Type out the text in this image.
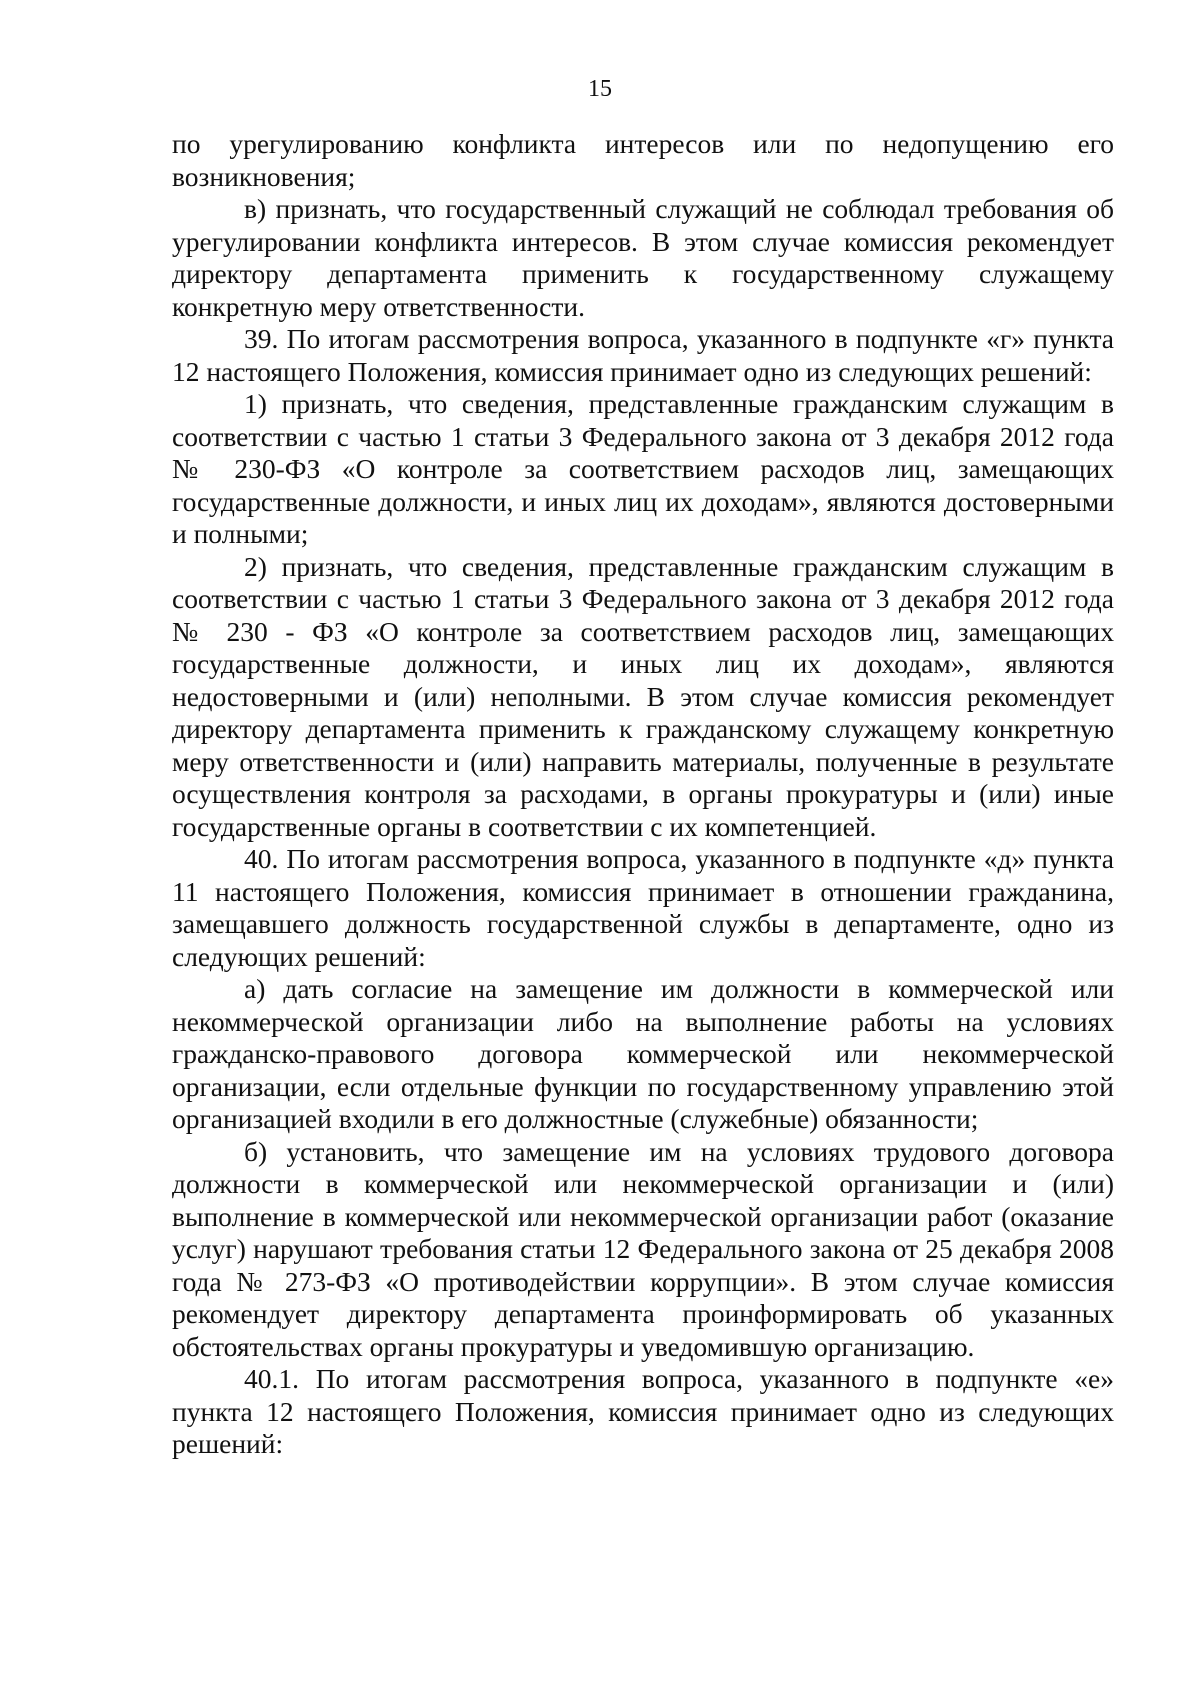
15

по урегулированию конфликта интересов или по недопущению его возникновения;

в) признать, что государственный служащий не соблюдал требования об урегулировании конфликта интересов. В этом случае комиссия рекомендует директору департамента применить к государственному служащему конкретную меру ответственности.

39. По итогам рассмотрения вопроса, указанного в подпункте «г» пункта 12 настоящего Положения, комиссия принимает одно из следующих решений:

1) признать, что сведения, представленные гражданским служащим в соответствии с частью 1 статьи 3 Федерального закона от 3 декабря 2012 года № 230-ФЗ «О контроле за соответствием расходов лиц, замещающих государственные должности, и иных лиц их доходам», являются достоверными и полными;

2) признать, что сведения, представленные гражданским служащим в соответствии с частью 1 статьи 3 Федерального закона от 3 декабря 2012 года № 230 - ФЗ «О контроле за соответствием расходов лиц, замещающих государственные должности, и иных лиц их доходам», являются недостоверными и (или) неполными. В этом случае комиссия рекомендует директору департамента применить к гражданскому служащему конкретную меру ответственности и (или) направить материалы, полученные в результате осуществления контроля за расходами, в органы прокуратуры и (или) иные государственные органы в соответствии с их компетенцией.

40. По итогам рассмотрения вопроса, указанного в подпункте «д» пункта 11 настоящего Положения, комиссия принимает в отношении гражданина, замещавшего должность государственной службы в департаменте, одно из следующих решений:

а) дать согласие на замещение им должности в коммерческой или некоммерческой организации либо на выполнение работы на условиях гражданско-правового договора коммерческой или некоммерческой организации, если отдельные функции по государственному управлению этой организацией входили в его должностные (служебные) обязанности;

б) установить, что замещение им на условиях трудового договора должности в коммерческой или некоммерческой организации и (или) выполнение в коммерческой или некоммерческой организации работ (оказание услуг) нарушают требования статьи 12 Федерального закона от 25 декабря 2008 года № 273-ФЗ «О противодействии коррупции». В этом случае комиссия рекомендует директору департамента проинформировать об указанных обстоятельствах органы прокуратуры и уведомившую организацию.

40.1. По итогам рассмотрения вопроса, указанного в подпункте «е» пункта 12 настоящего Положения, комиссия принимает одно из следующих решений:
